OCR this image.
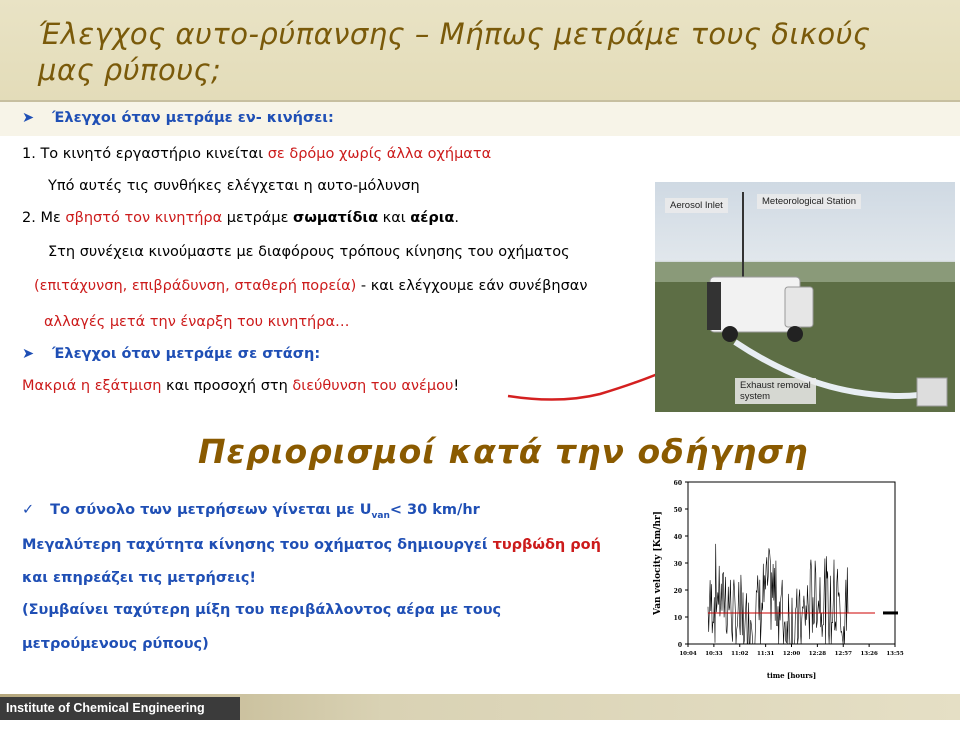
Έλεγχος αυτο-ρύπανσης – Μήπως μετράμε τους δικούς μας ρύπους;
➤ Έλεγχοι όταν μετράμε εν- κινήσει:
1. Το κινητό εργαστήριο κινείται σε δρόμο χωρίς άλλα οχήματα
Υπό αυτές τις συνθήκες ελέγχεται η αυτο-μόλυνση
2. Με σβηστό τον κινητήρα μετράμε σωματίδια και αέρια.
Στη συνέχεια κινούμαστε με διαφόρους τρόπους κίνησης του οχήματος
(επιτάχυνση, επιβράδυνση, σταθερή πορεία) - και ελέγχουμε εάν συνέβησαν
αλλαγές μετά την έναρξη του κινητήρα…
➤ Έλεγχοι όταν μετράμε σε στάση:
Μακριά η εξάτμιση και προσοχή στη διεύθυνση του ανέμου!
Aerosol Inlet	Meteorological Station
Exhaust removal
system
Περιορισμοί κατά την οδήγηση
✓ Το σύνολο των μετρήσεων γίνεται με $U_{van}< 30$ km/hr
Μεγαλύτερη ταχύτητα κίνησης του οχήματος δημιουργεί τυρβώδη ροή
και επηρεάζει τις μετρήσεις!
(Συμβαίνει ταχύτερη μίξη του περιβάλλοντος αέρα με τους
μετρούμενους ρύπους)	0
10
20
30
40
50
60
10:04 10:33 11:02 11:31 12:00 12:28 12:57 13:26 13:55
time [hours]
Van velocity [Km/hr]
Institute of Chemical Engineering Sciences
